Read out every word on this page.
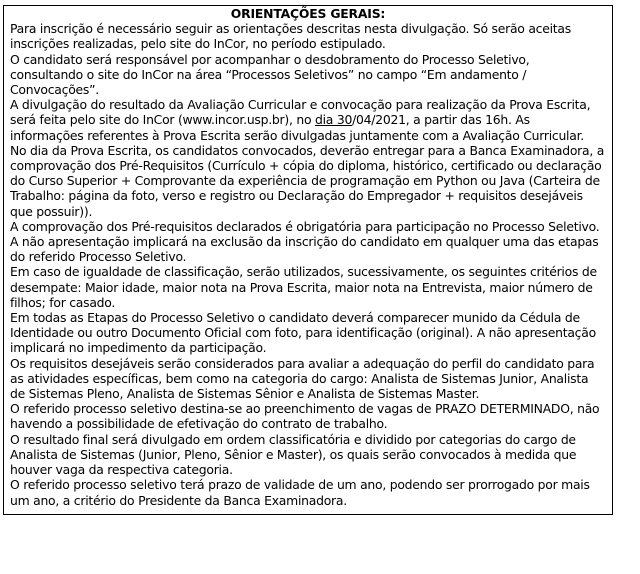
ORIENTAÇÕES GERAIS:

Para inscrição é necessário seguir as orientações descritas nesta divulgação. Só serão aceitas inscrições realizadas, pelo site do InCor, no período estipulado.

O candidato será responsável por acompanhar o desdobramento do Processo Seletivo, consultando o site do InCor na área “Processos Seletivos” no campo “Em andamento / Convocações”.

A divulgação do resultado da Avaliação Curricular e convocação para realização da Prova Escrita, será feita pelo site do InCor (www.incor.usp.br), no dia 30/04/2021, a partir das 16h. As informações referentes à Prova Escrita serão divulgadas juntamente com a Avaliação Curricular.

No dia da Prova Escrita, os candidatos convocados, deverão entregar para a Banca Examinadora, a comprovação dos Pré-Requisitos (Currículo + cópia do diploma, histórico, certificado ou declaração do Curso Superior + Comprovante da experiência de programação em Python ou Java (Carteira de Trabalho: página da foto, verso e registro ou Declaração do Empregador + requisitos desejáveis que possuir)).

A comprovação dos Pré-requisitos declarados é obrigatória para participação no Processo Seletivo.

A não apresentação implicará na exclusão da inscrição do candidato em qualquer uma das etapas do referido Processo Seletivo.

Em caso de igualdade de classificação, serão utilizados, sucessivamente, os seguintes critérios de desempate: Maior idade, maior nota na Prova Escrita, maior nota na Entrevista, maior número de filhos; for casado.

Em todas as Etapas do Processo Seletivo o candidato deverá comparecer munido da Cédula de Identidade ou outro Documento Oficial com foto, para identificação (original). A não apresentação implicará no impedimento da participação.

Os requisitos desejáveis serão considerados para avaliar a adequação do perfil do candidato para as atividades específicas, bem como na categoria do cargo: Analista de Sistemas Junior, Analista de Sistemas Pleno, Analista de Sistemas Sênior e Analista de Sistemas Master.

O referido processo seletivo destina-se ao preenchimento de vagas de PRAZO DETERMINADO, não havendo a possibilidade de efetivação do contrato de trabalho.

O resultado final será divulgado em ordem classificatória e dividido por categorias do cargo de Analista de Sistemas (Junior, Pleno, Sênior e Master), os quais serão convocados à medida que houver vaga da respectiva categoria.

O referido processo seletivo terá prazo de validade de um ano, podendo ser prorrogado por mais um ano, a critério do Presidente da Banca Examinadora.
